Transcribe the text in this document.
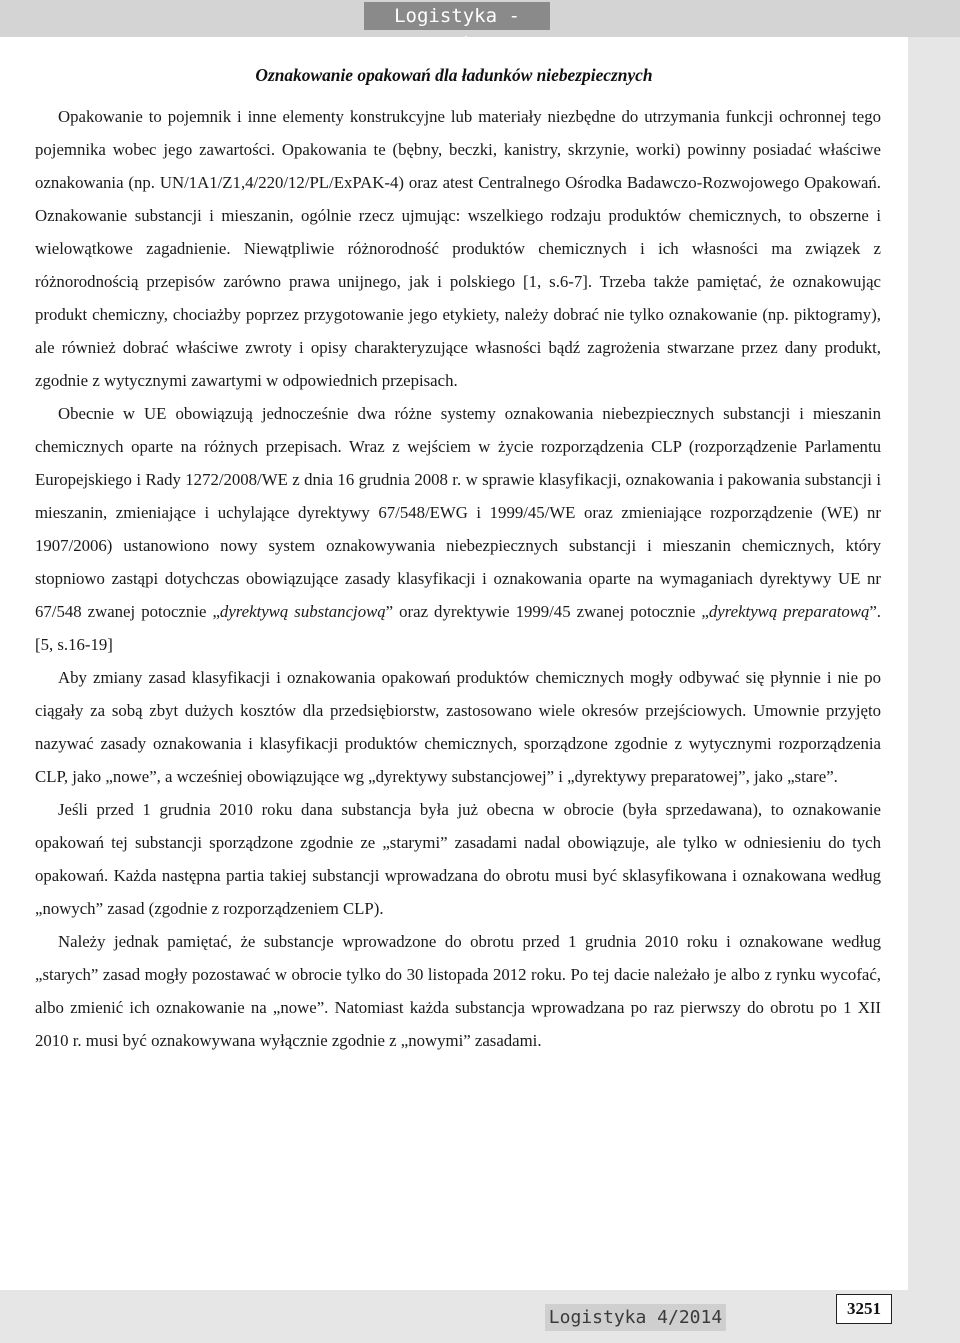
Logistyka -
Oznakowanie opakowań dla ładunków niebezpiecznych

Opakowanie to pojemnik i inne elementy konstrukcyjne lub materiały niezbędne do utrzymania funkcji ochronnej tego pojemnika wobec jego zawartości. Opakowania te (bębny, beczki, kanistry, skrzynie, worki) powinny posiadać właściwe oznakowania (np. UN/1A1/Z1,4/220/12/PL/ExPAK-4) oraz atest Centralnego Ośrodka Badawczo-Rozwojowego Opakowań. Oznakowanie substancji i mieszanin, ogólnie rzecz ujmując: wszelkiego rodzaju produktów chemicznych, to obszerne i wielowątkowe zagadnienie. Niewątpliwie różnorodność produktów chemicznych i ich własności ma związek z różnorodnością przepisów zarówno prawa unijnego, jak i polskiego [1, s.6-7]. Trzeba także pamiętać, że oznakowując produkt chemiczny, chociażby poprzez przygotowanie jego etykiety, należy dobrać nie tylko oznakowanie (np. piktogramy), ale również dobrać właściwe zwroty i opisy charakteryzujące własności bądź zagrożenia stwarzane przez dany produkt, zgodnie z wytycznymi zawartymi w odpowiednich przepisach.

Obecnie w UE obowiązują jednocześnie dwa różne systemy oznakowania niebezpiecznych substancji i mieszanin chemicznych oparte na różnych przepisach. Wraz z wejściem w życie rozporządzenia CLP (rozporządzenie Parlamentu Europejskiego i Rady 1272/2008/WE z dnia 16 grudnia 2008 r. w sprawie klasyfikacji, oznakowania i pakowania substancji i mieszanin, zmieniające i uchylające dyrektywy 67/548/EWG i 1999/45/WE oraz zmieniające rozporządzenie (WE) nr 1907/2006) ustanowiono nowy system oznakowywania niebezpiecznych substancji i mieszanin chemicznych, który stopniowo zastąpi dotychczas obowiązujące zasady klasyfikacji i oznakowania oparte na wymaganiach dyrektywy UE nr 67/548 zwanej potocznie „dyrektywą substancjową” oraz dyrektywie 1999/45 zwanej potocznie „dyrektywą preparatową”. [5, s.16-19]

Aby zmiany zasad klasyfikacji i oznakowania opakowań produktów chemicznych mogły odbywać się płynnie i nie po ciągały za sobą zbyt dużych kosztów dla przedsiębiorstw, zastosowano wiele okresów przejściowych. Umownie przyjęto nazywać zasady oznakowania i klasyfikacji produktów chemicznych, sporządzone zgodnie z wytycznymi rozporządzenia CLP, jako „nowe”, a wcześniej obowiązujące wg „dyrektywy substancjowej” i „dyrektywy preparatowej”, jako „stare”.

Jeśli przed 1 grudnia 2010 roku dana substancja była już obecna w obrocie (była sprzedawana), to oznakowanie opakowań tej substancji sporządzone zgodnie ze „starymi” zasadami nadal obowiązuje, ale tylko w odniesieniu do tych opakowań. Każda następna partia takiej substancji wprowadzana do obrotu musi być sklasyfikowana i oznakowana według „nowych” zasad (zgodnie z rozporządzeniem CLP).

Należy jednak pamiętać, że substancje wprowadzone do obrotu przed 1 grudnia 2010 roku i oznakowane według „starych” zasad mogły pozostawać w obrocie tylko do 30 listopada 2012 roku. Po tej dacie należało je albo z rynku wycofać, albo zmienić ich oznakowanie na „nowe”. Natomiast każda substancja wprowadzana po raz pierwszy do obrotu po 1 XII 2010 r. musi być oznakowywana wyłącznie zgodnie z „nowymi” zasadami.

Logistyka 4/2014	3251
